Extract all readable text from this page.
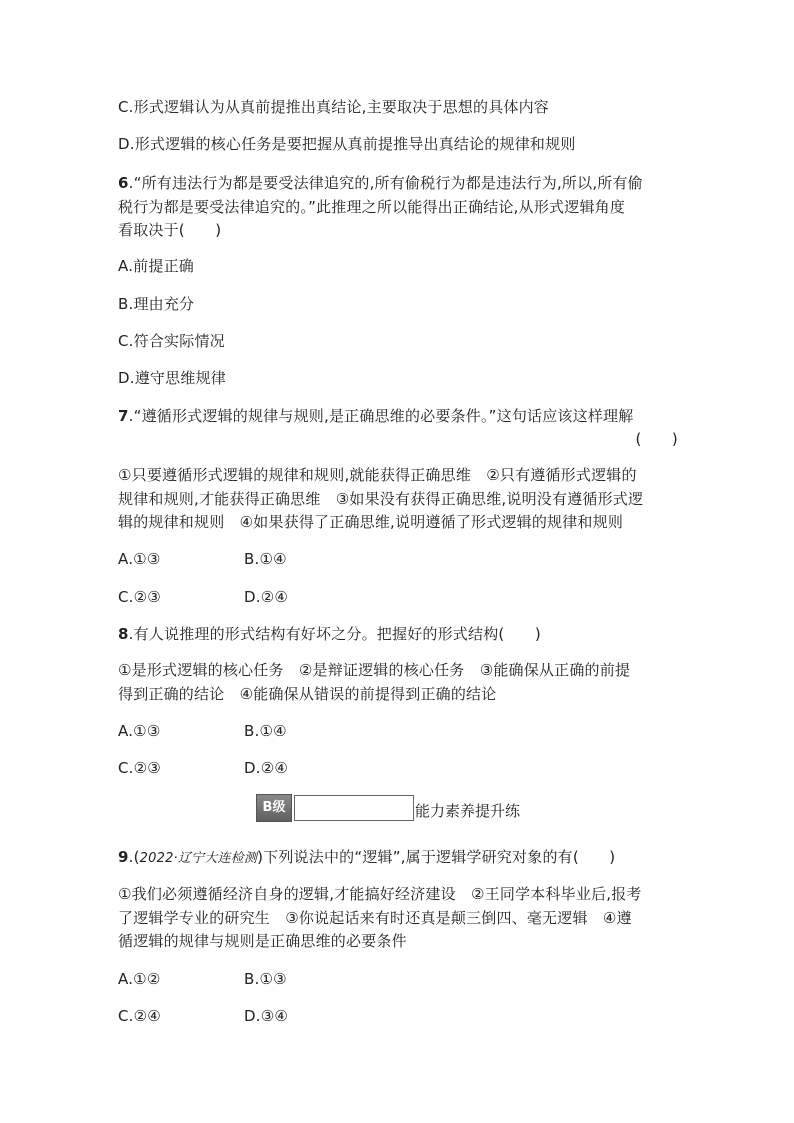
C.形式逻辑认为从真前提推出真结论,主要取决于思想的具体内容
D.形式逻辑的核心任务是要把握从真前提推导出真结论的规律和规则
6.“所有违法行为都是要受法律追究的,所有偷税行为都是违法行为,所以,所有偷
税行为都是要受法律追究的。”此推理之所以能得出正确结论,从形式逻辑角度
看取决于(　　)
A.前提正确
B.理由充分
C.符合实际情况
D.遵守思维规律
7.“遵循形式逻辑的规律与规则,是正确思维的必要条件。”这句话应该这样理解
(　　)
①只要遵循形式逻辑的规律和规则,就能获得正确思维　②只有遵循形式逻辑的
规律和规则,才能获得正确思维　③如果没有获得正确思维,说明没有遵循形式逻
辑的规律和规则　④如果获得了正确思维,说明遵循了形式逻辑的规律和规则
A.①③	B.①④
C.②③	D.②④
8.有人说推理的形式结构有好坏之分。把握好的形式结构(　　)
①是形式逻辑的核心任务　②是辩证逻辑的核心任务　③能确保从正确的前提
得到正确的结论　④能确保从错误的前提得到正确的结论
A.①③	B.①④
C.②③	D.②④
B级	能力素养提升练
9.(2022·辽宁大连检测)下列说法中的“逻辑”,属于逻辑学研究对象的有(　　)
①我们必须遵循经济自身的逻辑,才能搞好经济建设　②王同学本科毕业后,报考
了逻辑学专业的研究生　③你说起话来有时还真是颠三倒四、毫无逻辑　④遵
循逻辑的规律与规则是正确思维的必要条件
A.①②	B.①③
C.②④	D.③④
